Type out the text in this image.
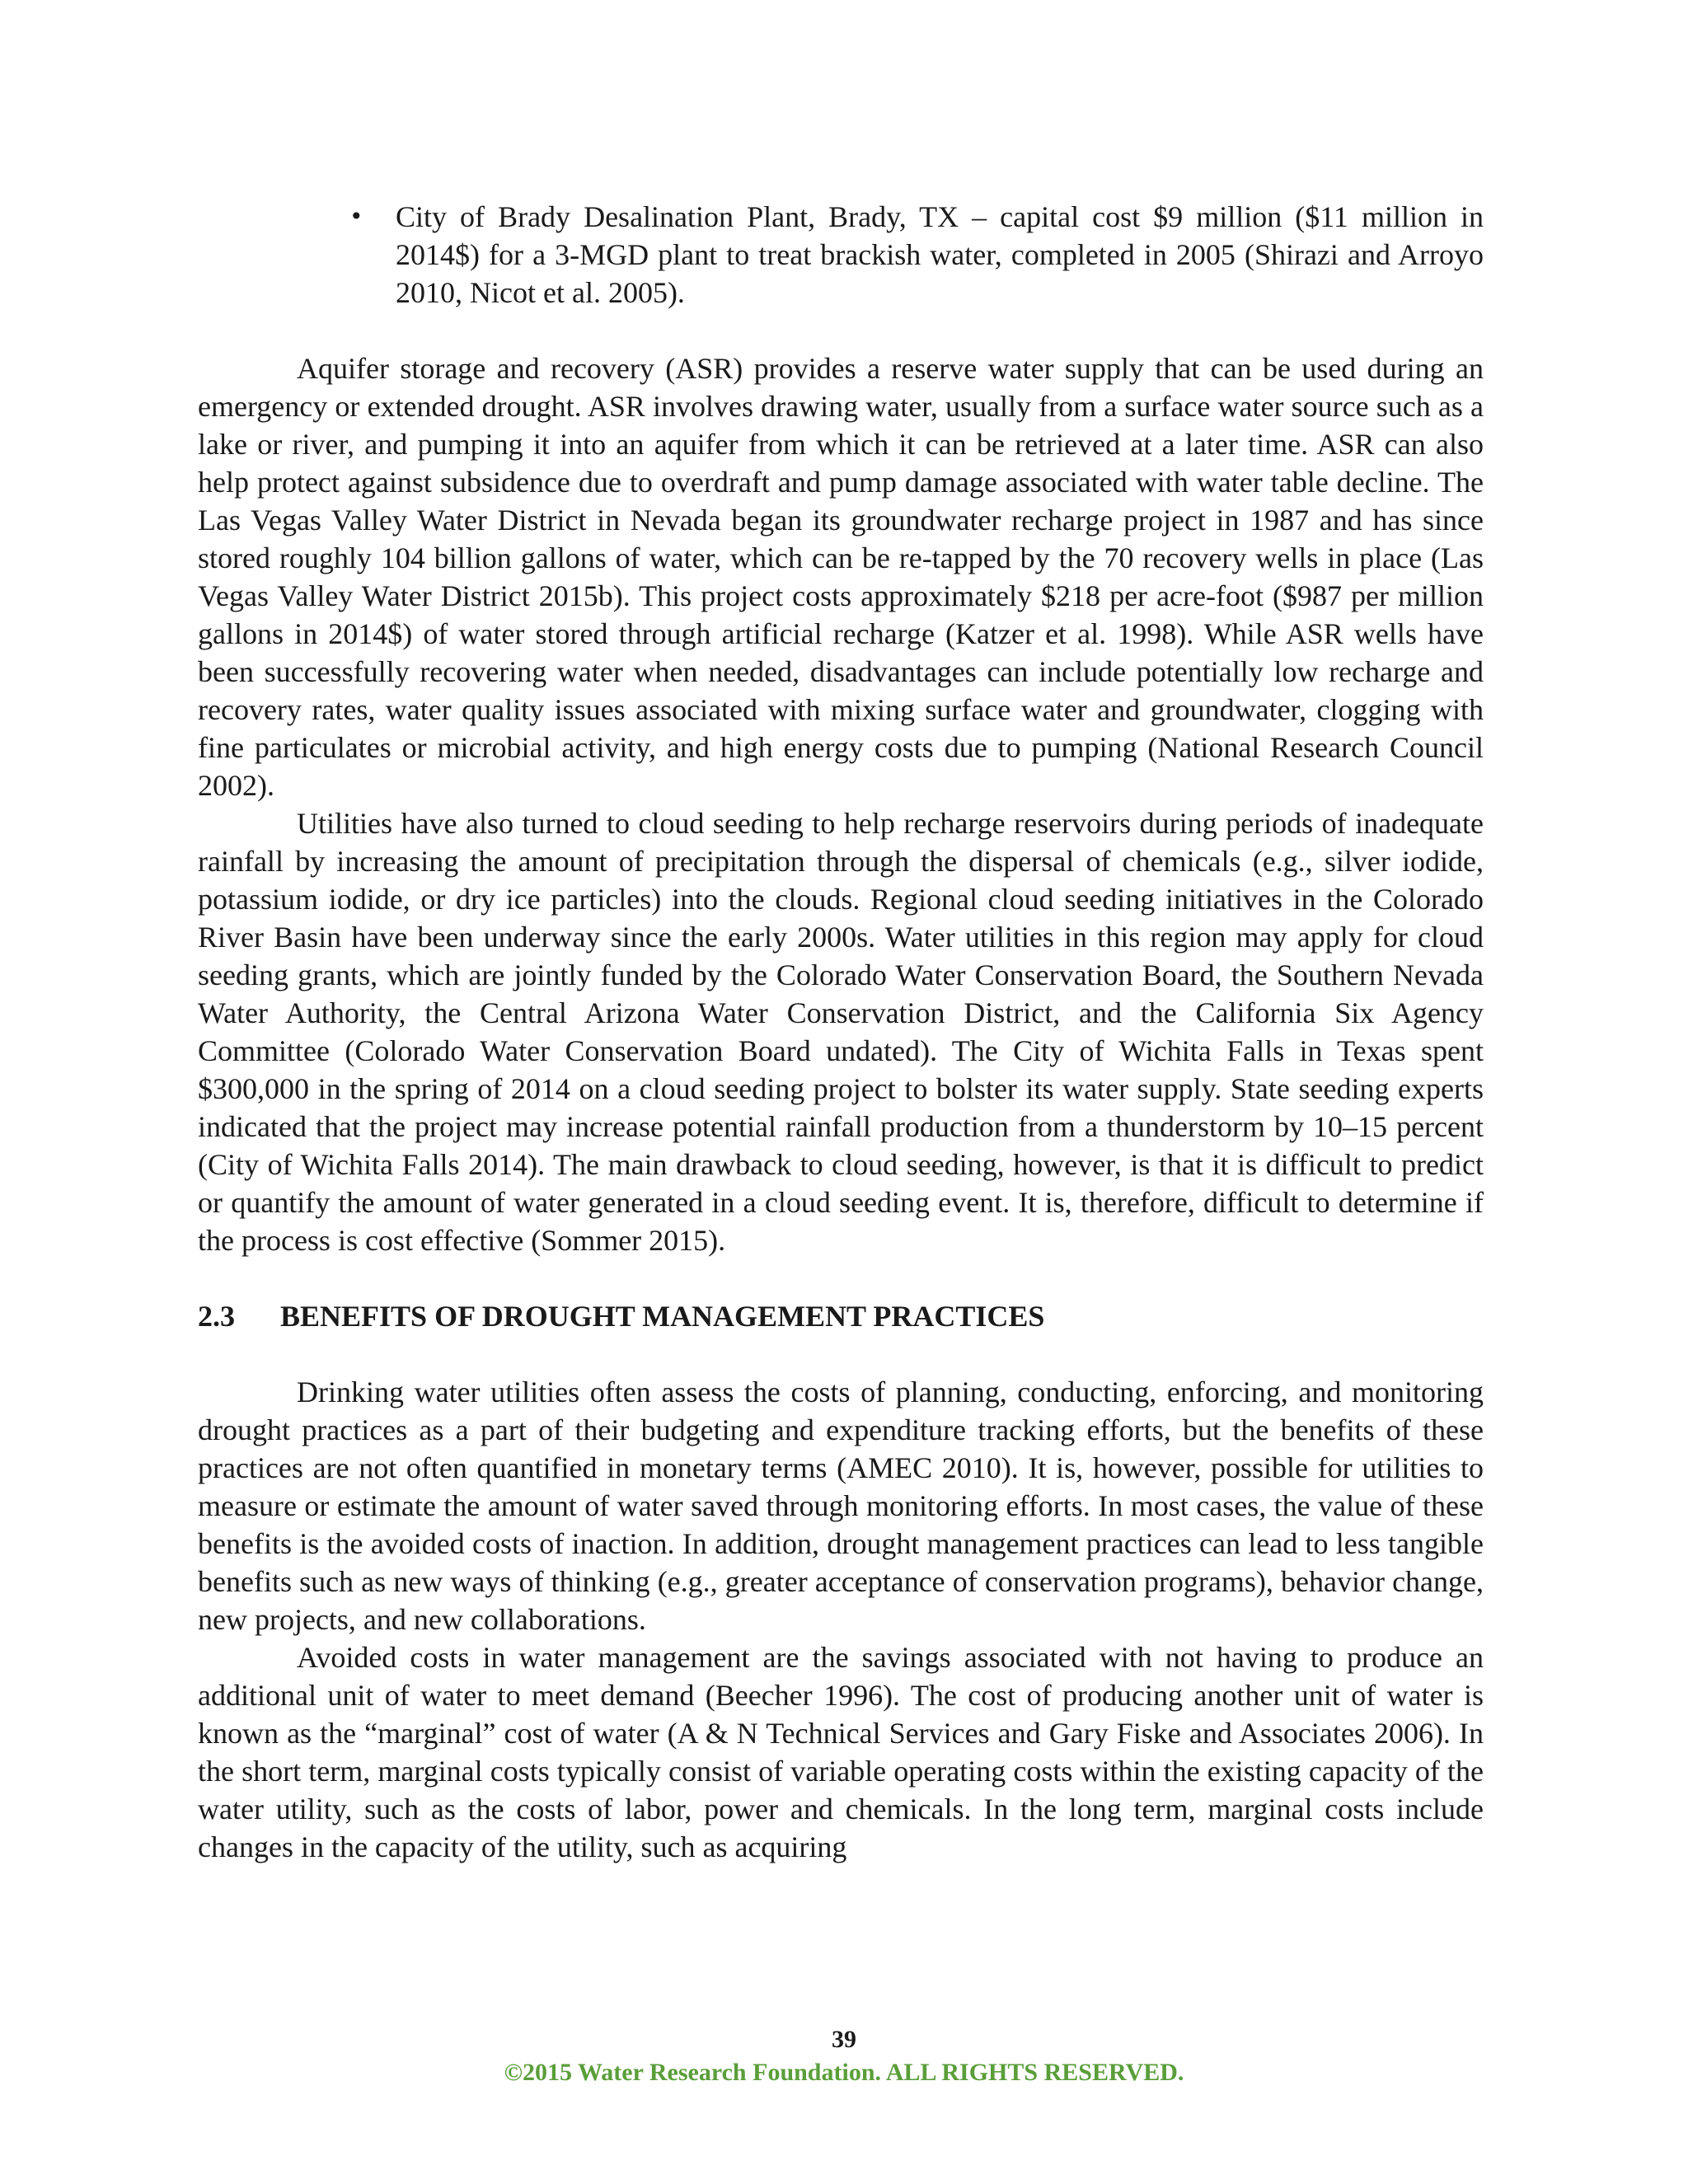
• City of Brady Desalination Plant, Brady, TX – capital cost $9 million ($11 million in 2014$) for a 3-MGD plant to treat brackish water, completed in 2005 (Shirazi and Arroyo 2010, Nicot et al. 2005).

Aquifer storage and recovery (ASR) provides a reserve water supply that can be used during an emergency or extended drought. ASR involves drawing water, usually from a surface water source such as a lake or river, and pumping it into an aquifer from which it can be retrieved at a later time. ASR can also help protect against subsidence due to overdraft and pump damage associated with water table decline. The Las Vegas Valley Water District in Nevada began its groundwater recharge project in 1987 and has since stored roughly 104 billion gallons of water, which can be re-tapped by the 70 recovery wells in place (Las Vegas Valley Water District 2015b). This project costs approximately $218 per acre-foot ($987 per million gallons in 2014$) of water stored through artificial recharge (Katzer et al. 1998). While ASR wells have been successfully recovering water when needed, disadvantages can include potentially low recharge and recovery rates, water quality issues associated with mixing surface water and groundwater, clogging with fine particulates or microbial activity, and high energy costs due to pumping (National Research Council 2002).

Utilities have also turned to cloud seeding to help recharge reservoirs during periods of inadequate rainfall by increasing the amount of precipitation through the dispersal of chemicals (e.g., silver iodide, potassium iodide, or dry ice particles) into the clouds. Regional cloud seeding initiatives in the Colorado River Basin have been underway since the early 2000s. Water utilities in this region may apply for cloud seeding grants, which are jointly funded by the Colorado Water Conservation Board, the Southern Nevada Water Authority, the Central Arizona Water Conservation District, and the California Six Agency Committee (Colorado Water Conservation Board undated). The City of Wichita Falls in Texas spent $300,000 in the spring of 2014 on a cloud seeding project to bolster its water supply. State seeding experts indicated that the project may increase potential rainfall production from a thunderstorm by 10–15 percent (City of Wichita Falls 2014). The main drawback to cloud seeding, however, is that it is difficult to predict or quantify the amount of water generated in a cloud seeding event. It is, therefore, difficult to determine if the process is cost effective (Sommer 2015).

2.3 BENEFITS OF DROUGHT MANAGEMENT PRACTICES

Drinking water utilities often assess the costs of planning, conducting, enforcing, and monitoring drought practices as a part of their budgeting and expenditure tracking efforts, but the benefits of these practices are not often quantified in monetary terms (AMEC 2010). It is, however, possible for utilities to measure or estimate the amount of water saved through monitoring efforts. In most cases, the value of these benefits is the avoided costs of inaction. In addition, drought management practices can lead to less tangible benefits such as new ways of thinking (e.g., greater acceptance of conservation programs), behavior change, new projects, and new collaborations.

Avoided costs in water management are the savings associated with not having to produce an additional unit of water to meet demand (Beecher 1996). The cost of producing another unit of water is known as the “marginal” cost of water (A & N Technical Services and Gary Fiske and Associates 2006). In the short term, marginal costs typically consist of variable operating costs within the existing capacity of the water utility, such as the costs of labor, power and chemicals. In the long term, marginal costs include changes in the capacity of the utility, such as acquiring

39
©2015 Water Research Foundation. ALL RIGHTS RESERVED.
